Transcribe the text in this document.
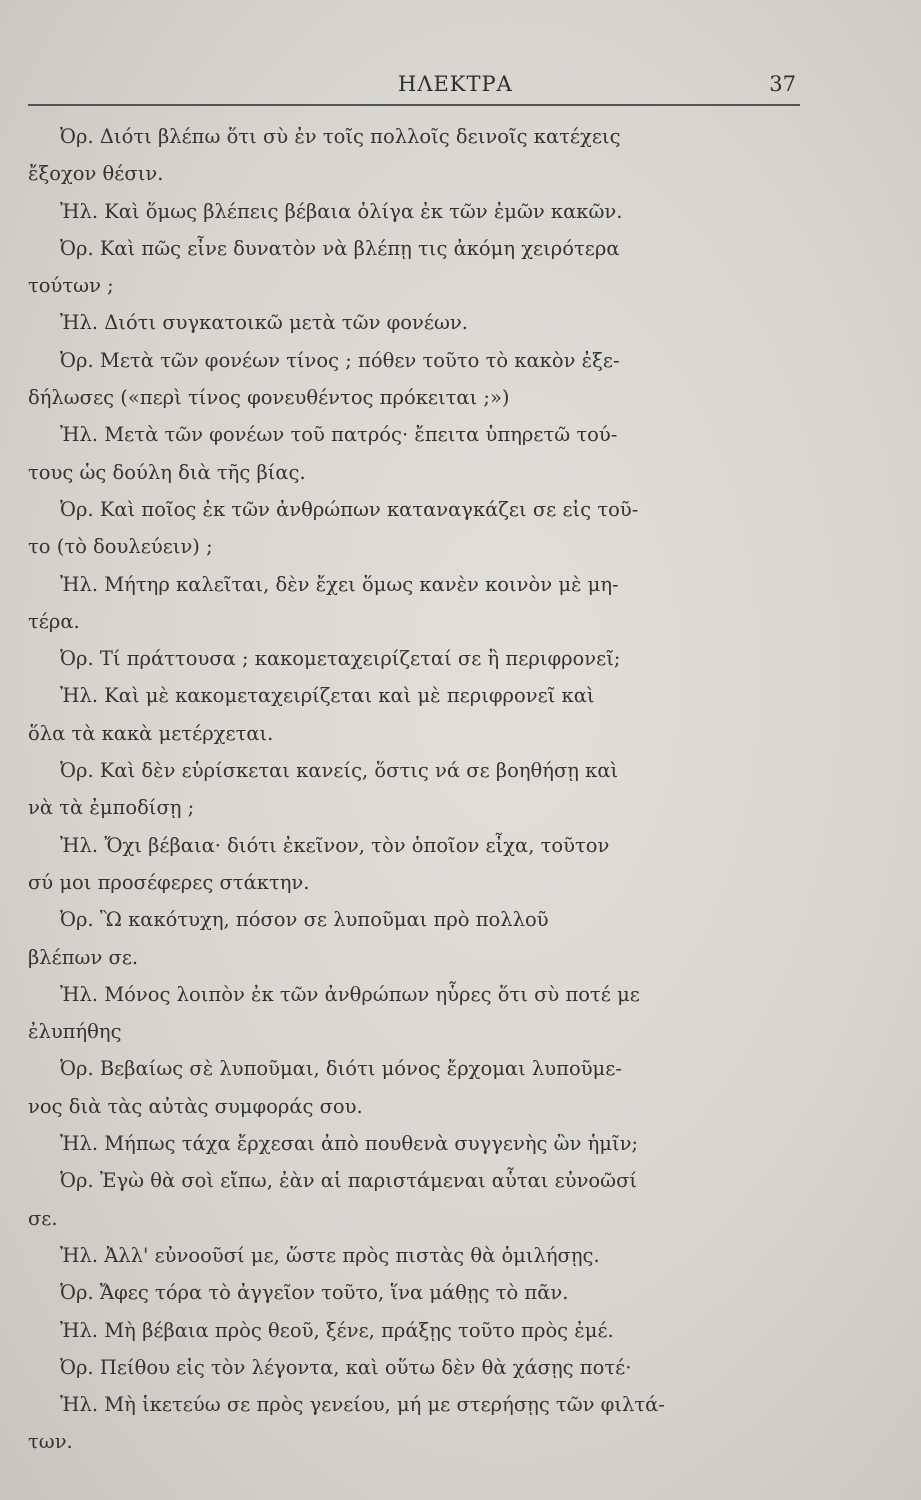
ΗΛΕΚΤΡΑ	37
Ὀρ. Διότι βλέπω ὅτι σὺ ἐν τοῖς πολλοῖς δεινοῖς κατέχεις
ἔξοχον θέσιν.
Ἠλ. Καὶ ὅμως βλέπεις βέβαια ὀλίγα ἐκ τῶν ἐμῶν κακῶν.
Ὀρ. Καὶ πῶς εἶνε δυνατὸν νὰ βλέπῃ τις ἀκόμη χειρότερα
τούτων ;
Ἠλ. Διότι συγκατοικῶ μετὰ τῶν φονέων.
Ὀρ. Μετὰ τῶν φονέων τίνος ; πόθεν τοῦτο τὸ κακὸν ἐξε-
δήλωσες («περὶ τίνος φονευθέντος πρόκειται ;»)
Ἠλ. Μετὰ τῶν φονέων τοῦ πατρός· ἔπειτα ὑπηρετῶ τού-
τους ὡς δούλη διὰ τῆς βίας.
Ὀρ. Καὶ ποῖος ἐκ τῶν ἀνθρώπων καταναγκάζει σε εἰς τοῦ-
το (τὸ δουλεύειν) ;
Ἠλ. Μήτηρ καλεῖται, δὲν ἔχει ὅμως κανὲν κοινὸν μὲ μη-
τέρα.
Ὀρ. Τί πράττουσα ; κακομεταχειρίζεταί σε ἢ περιφρονεῖ;
Ἠλ. Καὶ μὲ κακομεταχειρίζεται καὶ μὲ περιφρονεῖ καὶ
ὅλα τὰ κακὰ μετέρχεται.
Ὀρ. Καὶ δὲν εὑρίσκεται κανείς, ὅστις νά σε βοηθήσῃ καὶ
νὰ τὰ ἐμποδίσῃ ;
Ἠλ. Ὄχι βέβαια· διότι ἐκεῖνον, τὸν ὁποῖον εἶχα, τοῦτον
σύ μοι προσέφερες στάκτην.
Ὀρ. Ὢ κακότυχη, πόσον σε λυποῦμαι πρὸ πολλοῦ
βλέπων σε.
Ἠλ. Μόνος λοιπὸν ἐκ τῶν ἀνθρώπων ηὗρες ὅτι σὺ ποτέ με
ἐλυπήθης
Ὀρ. Βεβαίως σὲ λυποῦμαι, διότι μόνος ἔρχομαι λυποῦμε-
νος διὰ τὰς αὐτὰς συμφοράς σου.
Ἠλ. Μήπως τάχα ἔρχεσαι ἀπὸ πουθενὰ συγγενὴς ὢν ἡμῖν;
Ὀρ. Ἐγὼ θὰ σοὶ εἴπω, ἐὰν αἱ παριστάμεναι αὗται εὐνοῶσί
σε.
Ἠλ. Ἀλλ' εὐνοοῦσί με, ὥστε πρὸς πιστὰς θὰ ὁμιλήσῃς.
Ὀρ. Ἄφες τόρα τὸ ἀγγεῖον τοῦτο, ἵνα μάθῃς τὸ πᾶν.
Ἠλ. Μὴ βέβαια πρὸς θεοῦ, ξένε, πράξῃς τοῦτο πρὸς ἐμέ.
Ὀρ. Πείθου εἰς τὸν λέγοντα, καὶ οὕτω δὲν θὰ χάσῃς ποτέ·
Ἠλ. Μὴ ἱκετεύω σε πρὸς γενείου, μή με στερήσῃς τῶν φιλτά-
των.
